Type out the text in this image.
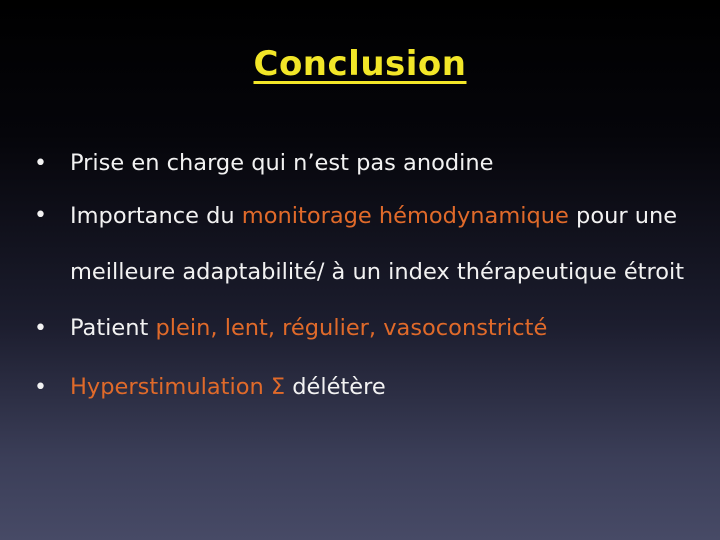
Conclusion
•	Prise en charge qui n’est pas anodine
•	Importance du monitorage hémodynamique pour une meilleure adaptabilité/ à un index thérapeutique étroit
•	Patient plein, lent, régulier, vasoconstricté
•	Hyperstimulation Σ délétère
